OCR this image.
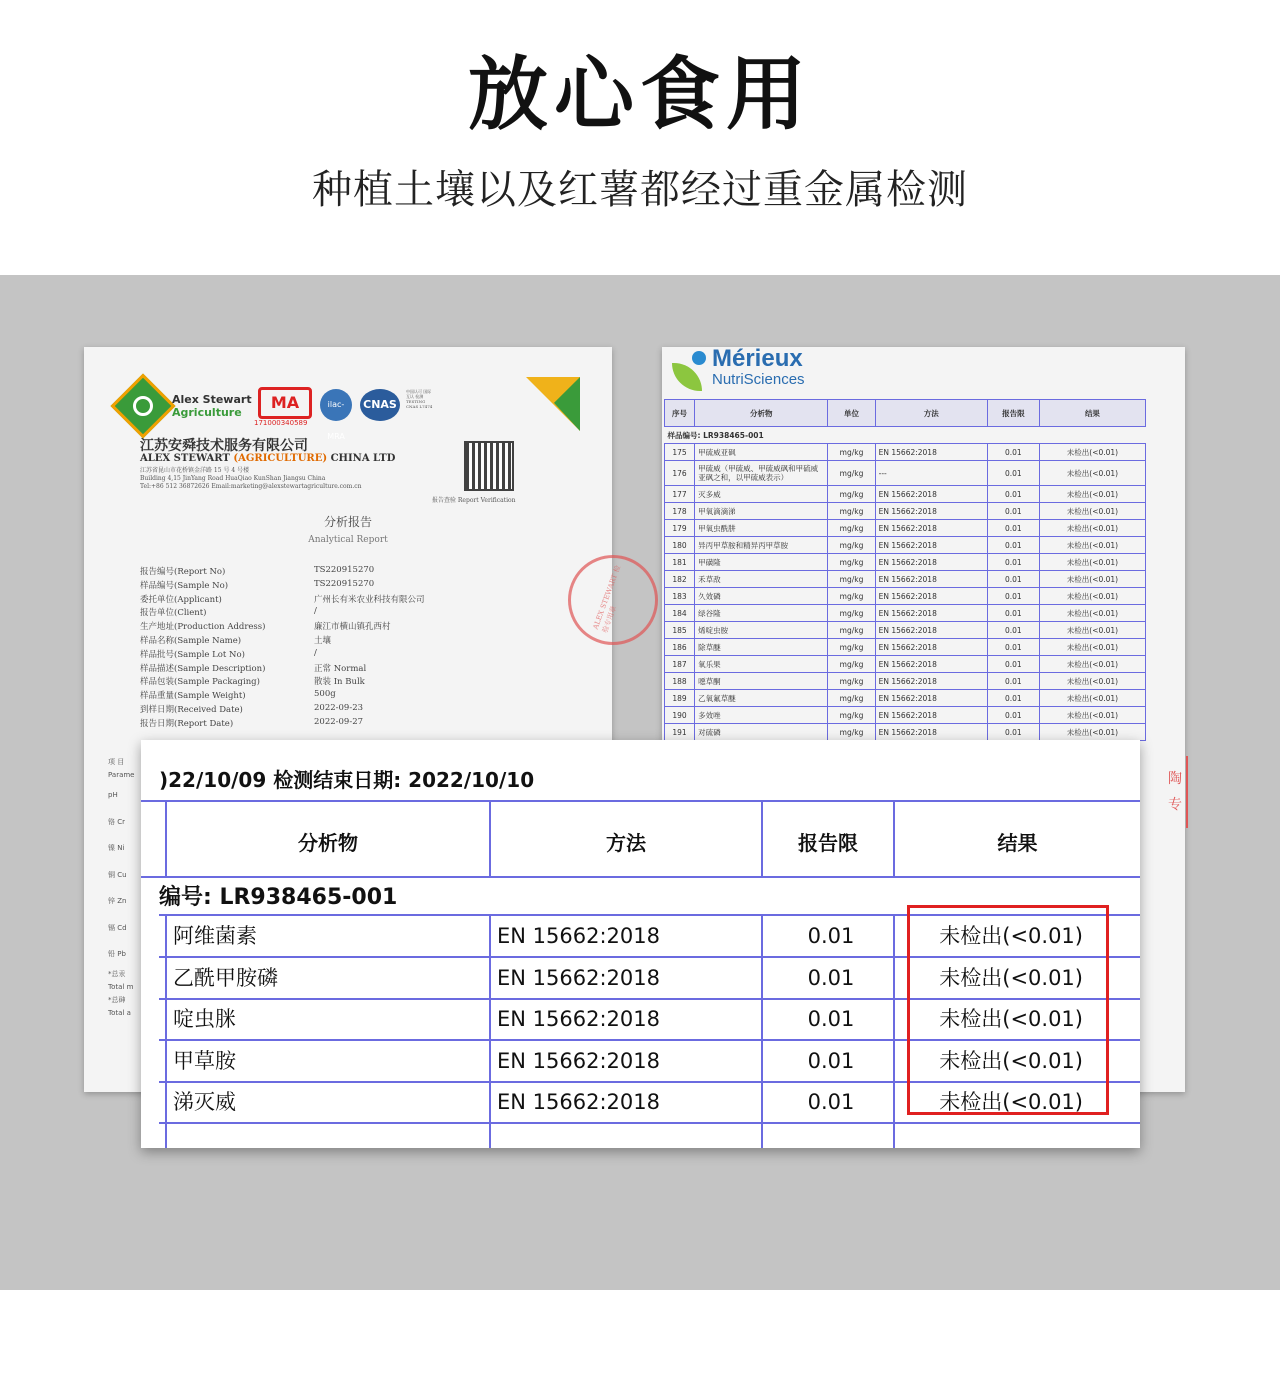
放心食用
种植土壤以及红薯都经过重金属检测
Alex Stewart
Agriculture
MA
171000340589
ilac-MRA
CNAS
中国认可 国际互认 检测 TESTING CNAS L7474
江苏安舜技术服务有限公司
ALEX STEWART (AGRICULTURE) CHINA LTD
江苏省昆山市花桥镇金洋路 15 号 4 号楼
Building 4,15 JinYang Road HuaQiao KunShan Jiangsu China
Tel:+86 512 36872626 Email:marketing@alexstewartagriculture.com.cn
报告查验 Report Verification
分析报告
Analytical Report
报告编号(Report No)	TS220915270
样品编号(Sample No)	TS220915270
委托单位(Applicant)	广州长有米农业科技有限公司
报告单位(Client)	/
生产地址(Production Address)	廉江市横山镇孔西村
样品名称(Sample Name)	土壤
样品批号(Sample Lot No)	/
样品描述(Sample Description)	正常 Normal
样品包装(Sample Packaging)	散装 In Bulk
样品重量(Sample Weight)	500g
到样日期(Received Date)	2022-09-23
报告日期(Report Date)	2022-09-27
ALEX STEWART 检验专用章
项 目
Parame
pH
铬 Cr
镍 Ni
铜 Cu
锌 Zn
镉 Cd
铅 Pb
*总汞
Total m
*总砷
Total a
Mérieux
NutriSciences
序号	分析物	单位	方法	报告限	结果
样品编号: LR938465-001					
175	甲硫威亚砜	mg/kg	EN 15662:2018	0.01	未检出(<0.01)
176	甲硫威（甲硫威、甲硫威砜和甲硫威亚砜之和，以甲硫威表示）	mg/kg	---	0.01	未检出(<0.01)
177	灭多威	mg/kg	EN 15662:2018	0.01	未检出(<0.01)
178	甲氧滴滴涕	mg/kg	EN 15662:2018	0.01	未检出(<0.01)
179	甲氧虫酰肼	mg/kg	EN 15662:2018	0.01	未检出(<0.01)
180	异丙甲草胺和精异丙甲草胺	mg/kg	EN 15662:2018	0.01	未检出(<0.01)
181	甲磺隆	mg/kg	EN 15662:2018	0.01	未检出(<0.01)
182	禾草敌	mg/kg	EN 15662:2018	0.01	未检出(<0.01)
183	久效磷	mg/kg	EN 15662:2018	0.01	未检出(<0.01)
184	绿谷隆	mg/kg	EN 15662:2018	0.01	未检出(<0.01)
185	烯啶虫胺	mg/kg	EN 15662:2018	0.01	未检出(<0.01)
186	除草醚	mg/kg	EN 15662:2018	0.01	未检出(<0.01)
187	氧乐果	mg/kg	EN 15662:2018	0.01	未检出(<0.01)
188	噁草酮	mg/kg	EN 15662:2018	0.01	未检出(<0.01)
189	乙氧氟草醚	mg/kg	EN 15662:2018	0.01	未检出(<0.01)
190	多效唑	mg/kg	EN 15662:2018	0.01	未检出(<0.01)
191	对硫磷	mg/kg	EN 15662:2018	0.01	未检出(<0.01)
陶
专
)22/10/09 检测结束日期: 2022/10/10
分析物	方法	报告限	结果
编号: LR938465-001
阿维菌素	EN 15662:2018	0.01	未检出(<0.01)
乙酰甲胺磷	EN 15662:2018	0.01	未检出(<0.01)
啶虫脒	EN 15662:2018	0.01	未检出(<0.01)
甲草胺	EN 15662:2018	0.01	未检出(<0.01)
涕灭威	EN 15662:2018	0.01	未检出(<0.01)
